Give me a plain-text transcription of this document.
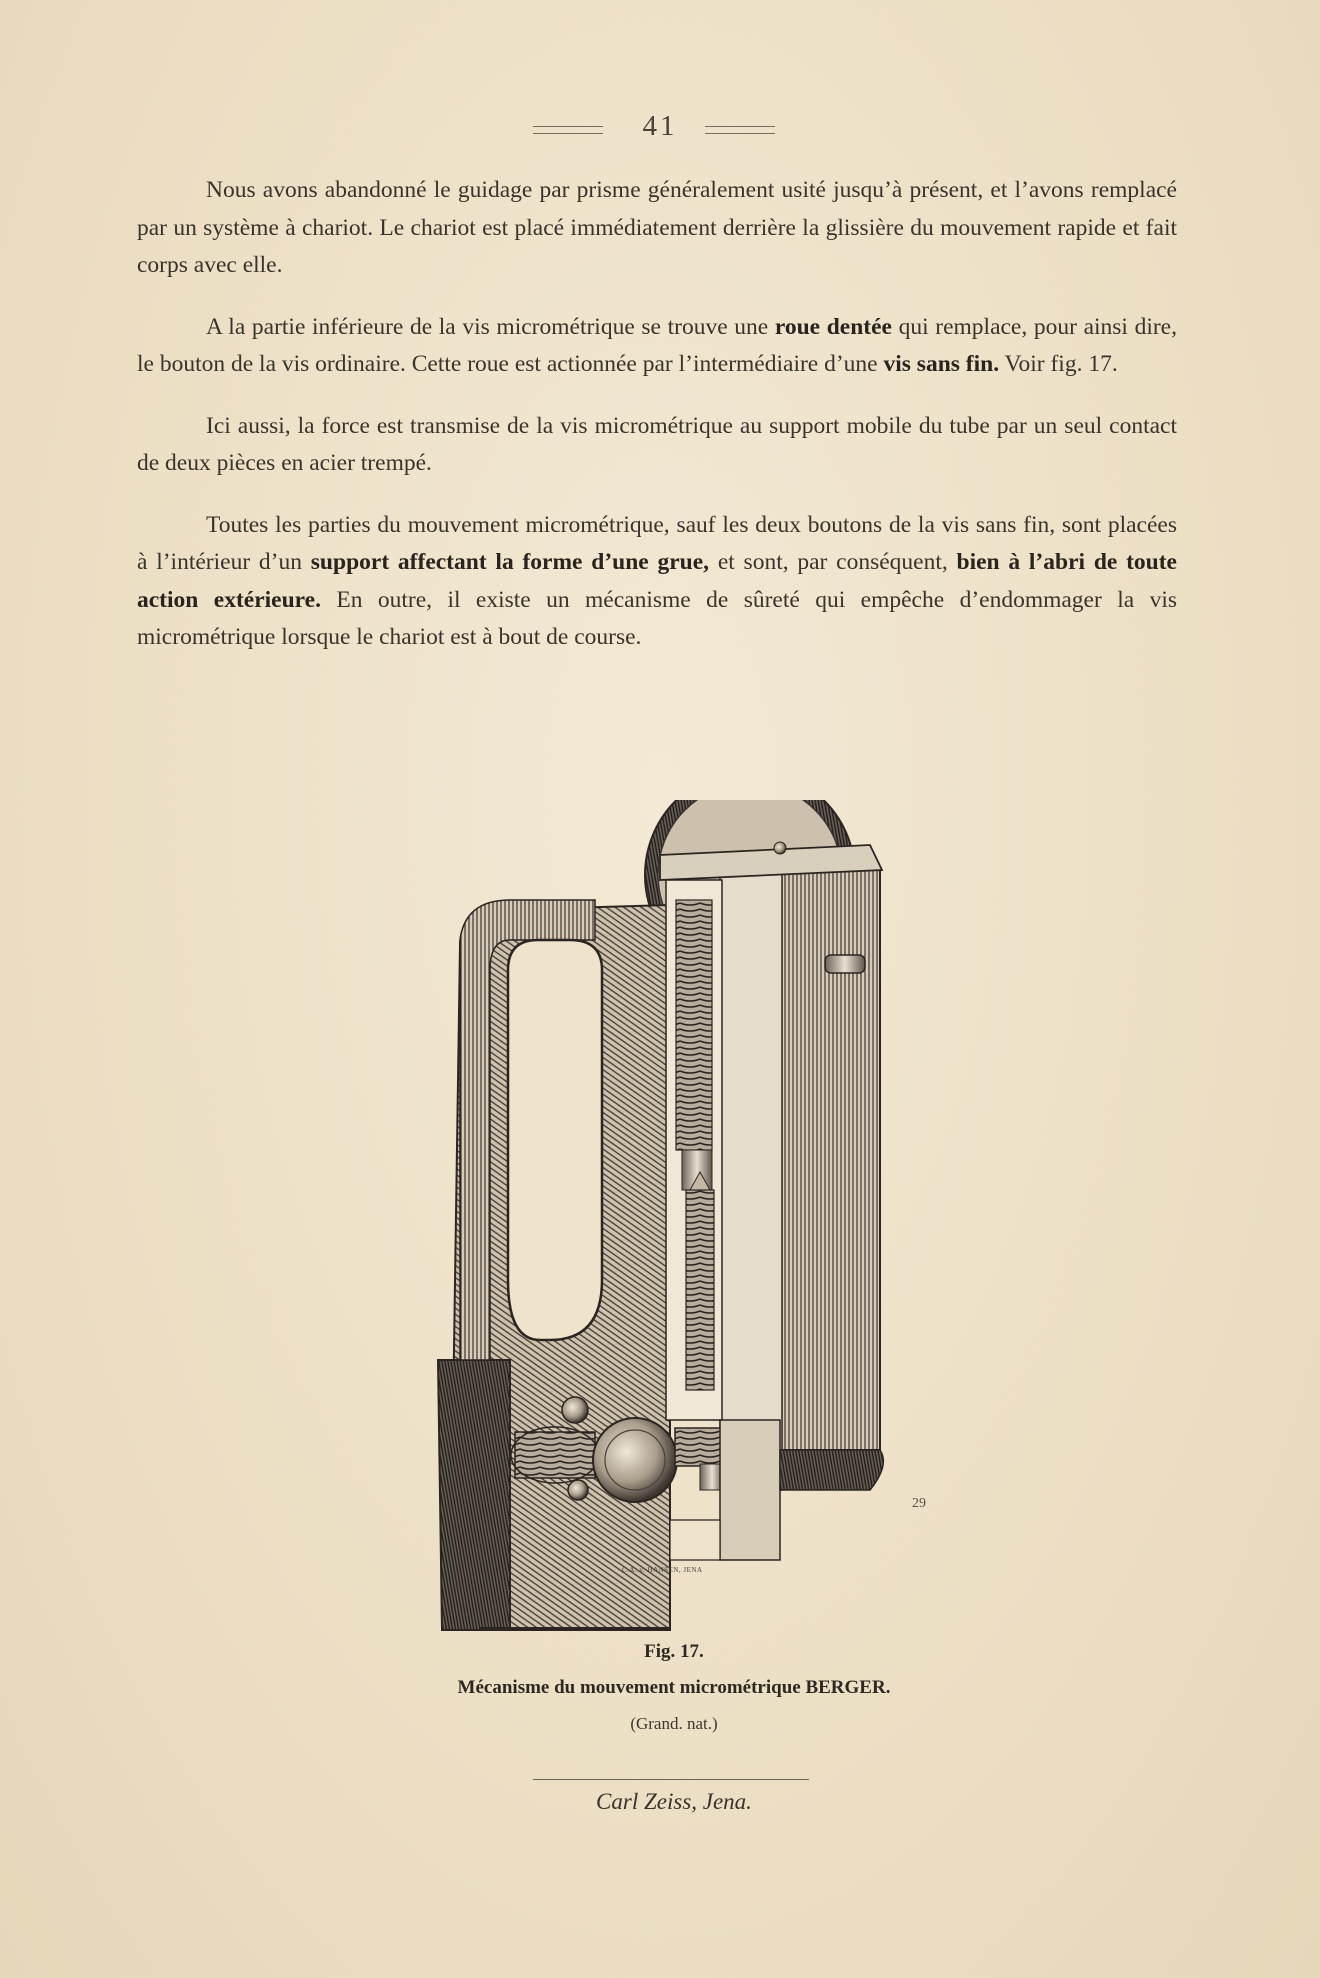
41

Nous avons abandonné le guidage par prisme généralement usité jusqu’à présent, et l’avons remplacé par un système à chariot. Le chariot est placé immédiatement derrière la glissière du mouvement rapide et fait corps avec elle.

A la partie inférieure de la vis micrométrique se trouve une roue dentée qui remplace, pour ainsi dire, le bouton de la vis ordinaire. Cette roue est actionnée par l’intermédiaire d’une vis sans fin. Voir fig. 17.

Ici aussi, la force est transmise de la vis micrométrique au support mobile du tube par un seul contact de deux pièces en acier trempé.

Toutes les parties du mouvement micrométrique, sauf les deux boutons de la vis sans fin, sont placées à l’intérieur d’un support affectant la forme d’une grue, et sont, par conséquent, bien à l’abri de toute action extérieure. En outre, il existe un mécanisme de sûreté qui empêche d’endommager la vis micrométrique lorsque le chariot est à bout de course.

29
C.A. v. HANSEN, JENA
Fig. 17.
Mécanisme du mouvement micrométrique BERGER.
(Grand. nat.)
Carl Zeiss, Jena.
